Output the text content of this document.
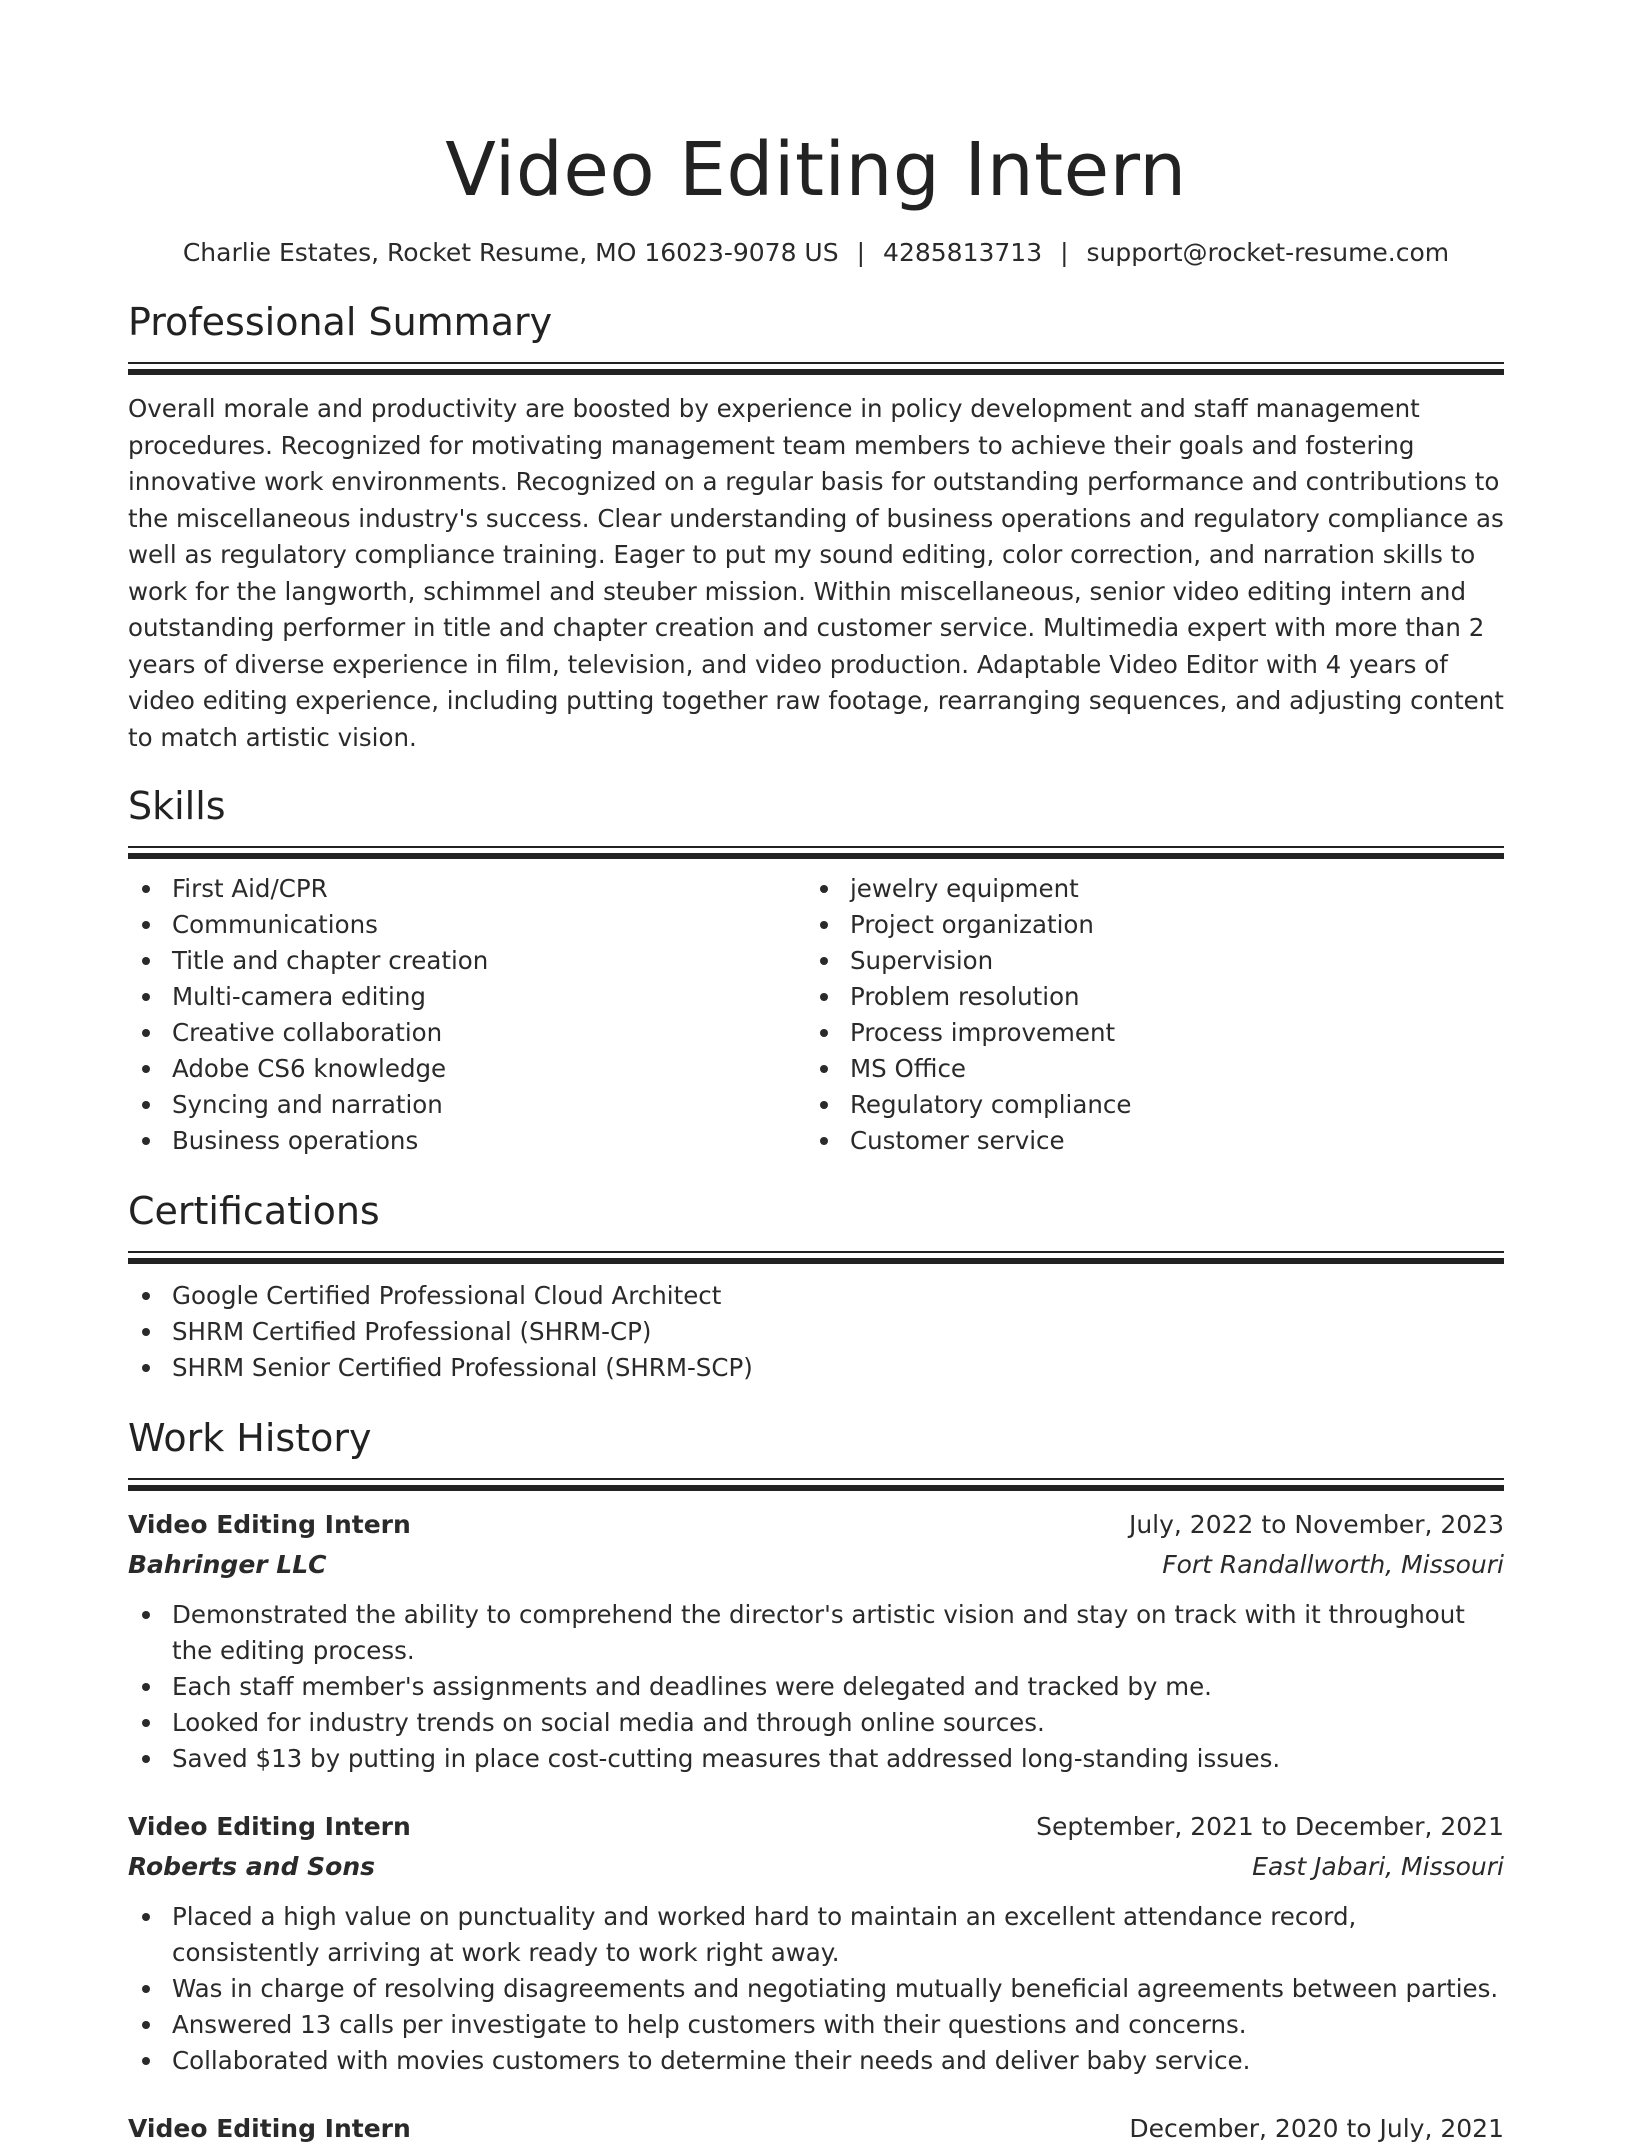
Video Editing Intern
Charlie Estates, Rocket Resume, MO 16023-9078 US | 4285813713 | support@rocket-resume.com
Professional Summary
Overall morale and productivity are boosted by experience in policy development and staff management procedures. Recognized for motivating management team members to achieve their goals and fostering innovative work environments. Recognized on a regular basis for outstanding performance and contributions to the miscellaneous industry's success. Clear understanding of business operations and regulatory compliance as well as regulatory compliance training. Eager to put my sound editing, color correction, and narration skills to work for the langworth, schimmel and steuber mission. Within miscellaneous, senior video editing intern and outstanding performer in title and chapter creation and customer service. Multimedia expert with more than 2 years of diverse experience in film, television, and video production. Adaptable Video Editor with 4 years of video editing experience, including putting together raw footage, rearranging sequences, and adjusting content to match artistic vision.
Skills
First Aid/CPR
Communications
Title and chapter creation
Multi-camera editing
Creative collaboration
Adobe CS6 knowledge
Syncing and narration
Business operations
jewelry equipment
Project organization
Supervision
Problem resolution
Process improvement
MS Office
Regulatory compliance
Customer service
Certifications
Google Certified Professional Cloud Architect
SHRM Certified Professional (SHRM-CP)
SHRM Senior Certified Professional (SHRM-SCP)
Work History
Video Editing Intern	July, 2022 to November, 2023
Bahringer LLC	Fort Randallworth, Missouri
Demonstrated the ability to comprehend the director's artistic vision and stay on track with it throughout the editing process.
Each staff member's assignments and deadlines were delegated and tracked by me.
Looked for industry trends on social media and through online sources.
Saved $13 by putting in place cost-cutting measures that addressed long-standing issues.
Video Editing Intern	September, 2021 to December, 2021
Roberts and Sons	East Jabari, Missouri
Placed a high value on punctuality and worked hard to maintain an excellent attendance record, consistently arriving at work ready to work right away.
Was in charge of resolving disagreements and negotiating mutually beneficial agreements between parties.
Answered 13 calls per investigate to help customers with their questions and concerns.
Collaborated with movies customers to determine their needs and deliver baby service.
Video Editing Intern	December, 2020 to July, 2021
